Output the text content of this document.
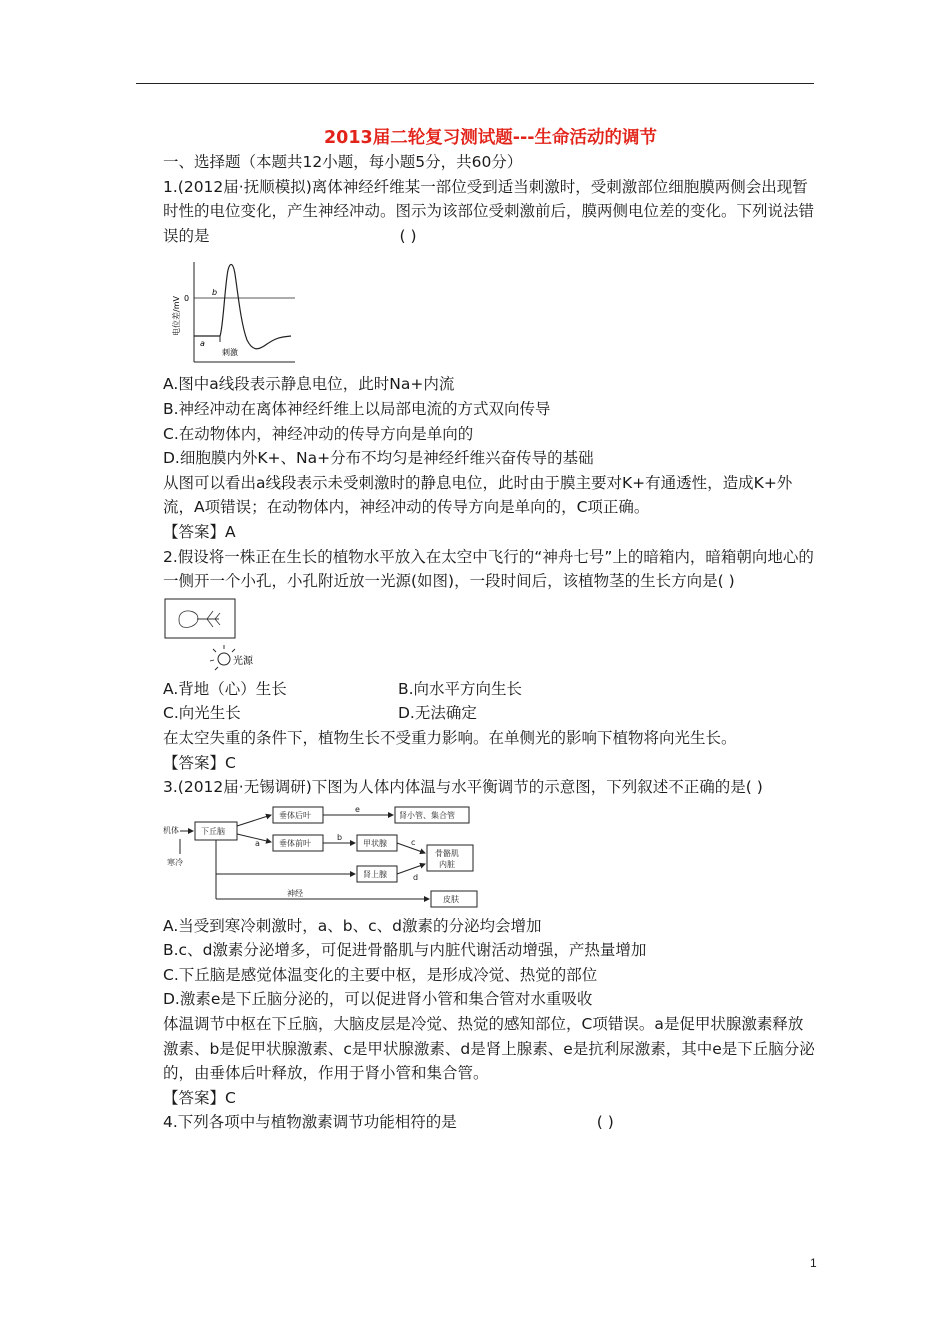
2013届二轮复习测试题---生命活动的调节

一、选择题（本题共12小题，每小题5分，共60分）

1.(2012届·抚顺模拟)离体神经纤维某一部位受到适当刺激时，受刺激部位细胞膜两侧会出现暂时性的电位变化，产生神经冲动。图示为该部位受刺激前后，膜两侧电位差的变化。下列说法错误的是	( )

电位差/mV 0
b
a
刺激

A.图中a线段表示静息电位，此时Na+内流

B.神经冲动在离体神经纤维上以局部电流的方式双向传导

C.在动物体内，神经冲动的传导方向是单向的

D.细胞膜内外K+、Na+分布不均匀是神经纤维兴奋传导的基础

从图可以看出a线段表示未受刺激时的静息电位，此时由于膜主要对K+有通透性，造成K+外流，A项错误；在动物体内，神经冲动的传导方向是单向的，C项正确。

【答案】A

2.假设将一株正在生长的植物水平放入在太空中飞行的“神舟七号”上的暗箱内，暗箱朝向地心的一侧开一个小孔，小孔附近放一光源(如图)，一段时间后，该植物茎的生长方向是( )

光源

A.背地（心）生长	B.向水平方向生长

C.向光生长	D.无法确定

在太空失重的条件下，植物生长不受重力影响。在单侧光的影响下植物将向光生长。

【答案】C

3.(2012届·无锡调研)下图为人体内体温与水平衡调节的示意图，下列叙述不正确的是( )

机体
寒冷
下丘脑
a
垂体后叶
垂体前叶
e
肾小管、集合管
b
甲状腺	c
骨骼肌
内脏
肾上腺	d
神经
皮肤

A.当受到寒冷刺激时，a、b、c、d激素的分泌均会增加

B.c、d激素分泌增多，可促进骨骼肌与内脏代谢活动增强，产热量增加

C.下丘脑是感觉体温变化的主要中枢，是形成冷觉、热觉的部位

D.激素e是下丘脑分泌的，可以促进肾小管和集合管对水重吸收

体温调节中枢在下丘脑，大脑皮层是冷觉、热觉的感知部位，C项错误。a是促甲状腺激素释放激素、b是促甲状腺激素、c是甲状腺激素、d是肾上腺素、e是抗利尿激素，其中e是下丘脑分泌的，由垂体后叶释放，作用于肾小管和集合管。

【答案】C

4.下列各项中与植物激素调节功能相符的是	( )

1
